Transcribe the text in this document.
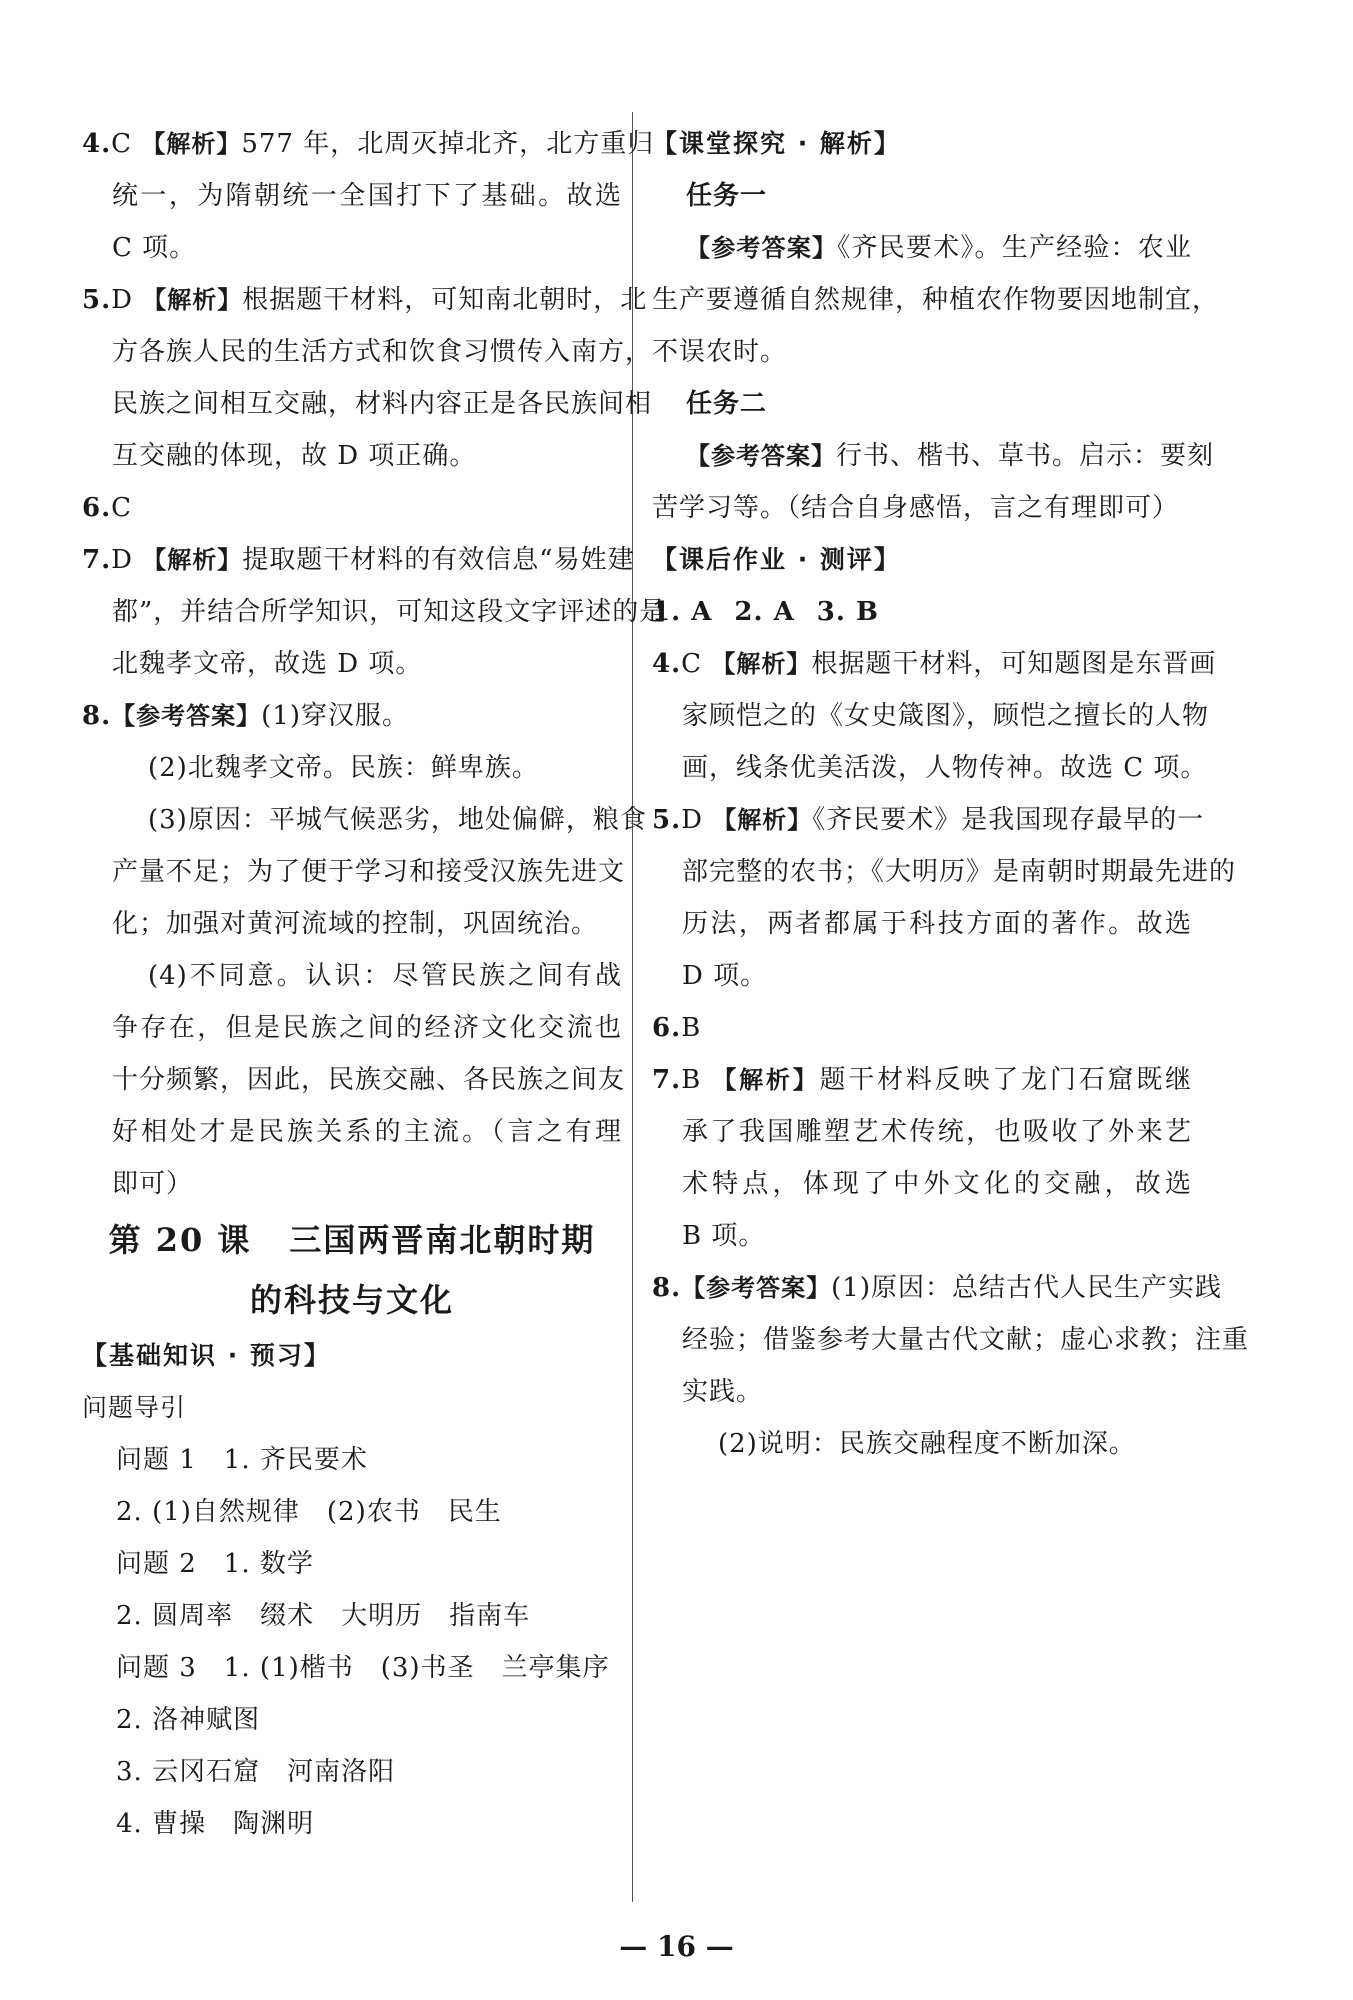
4.C 【解析】577 年，北周灭掉北齐，北方重归
统一，为隋朝统一全国打下了基础。故选
C 项。
5.D 【解析】根据题干材料，可知南北朝时，北
方各族人民的生活方式和饮食习惯传入南方，
民族之间相互交融，材料内容正是各民族间相
互交融的体现，故 D 项正确。
6.C
7.D 【解析】提取题干材料的有效信息“易姓建
都”，并结合所学知识，可知这段文字评述的是
北魏孝文帝，故选 D 项。
8.【参考答案】(1)穿汉服。
(2)北魏孝文帝。民族：鲜卑族。
(3)原因：平城气候恶劣，地处偏僻，粮食
产量不足；为了便于学习和接受汉族先进文
化；加强对黄河流域的控制，巩固统治。
(4)不同意。认识：尽管民族之间有战
争存在，但是民族之间的经济文化交流也
十分频繁，因此，民族交融、各民族之间友
好相处才是民族关系的主流。（言之有理
即可）
第 20 课 三国两晋南北朝时期
的科技与文化
【基础知识 · 预习】
问题导引
问题 1　1. 齐民要术
2. (1)自然规律　(2)农书　民生
问题 2　1. 数学
2. 圆周率　缀术　大明历　指南车
问题 3　1. (1)楷书　(3)书圣　兰亭集序
2. 洛神赋图
3. 云冈石窟　河南洛阳
4. 曹操　陶渊明
【课堂探究 · 解析】
任务一
【参考答案】《齐民要术》。生产经验：农业
生产要遵循自然规律，种植农作物要因地制宜，
不误农时。
任务二
【参考答案】行书、楷书、草书。启示：要刻
苦学习等。（结合自身感悟，言之有理即可）
【课后作业 · 测评】
1. A 2. A 3. B
4.C 【解析】根据题干材料，可知题图是东晋画
家顾恺之的《女史箴图》，顾恺之擅长的人物
画，线条优美活泼，人物传神。故选 C 项。
5.D 【解析】《齐民要术》是我国现存最早的一
部完整的农书；《大明历》是南朝时期最先进的
历法，两者都属于科技方面的著作。故选
D 项。
6.B
7.B 【解析】题干材料反映了龙门石窟既继
承了我国雕塑艺术传统，也吸收了外来艺
术特点，体现了中外文化的交融，故选
B 项。
8.【参考答案】(1)原因：总结古代人民生产实践
经验；借鉴参考大量古代文献；虚心求教；注重
实践。
(2)说明：民族交融程度不断加深。
— 16 —
